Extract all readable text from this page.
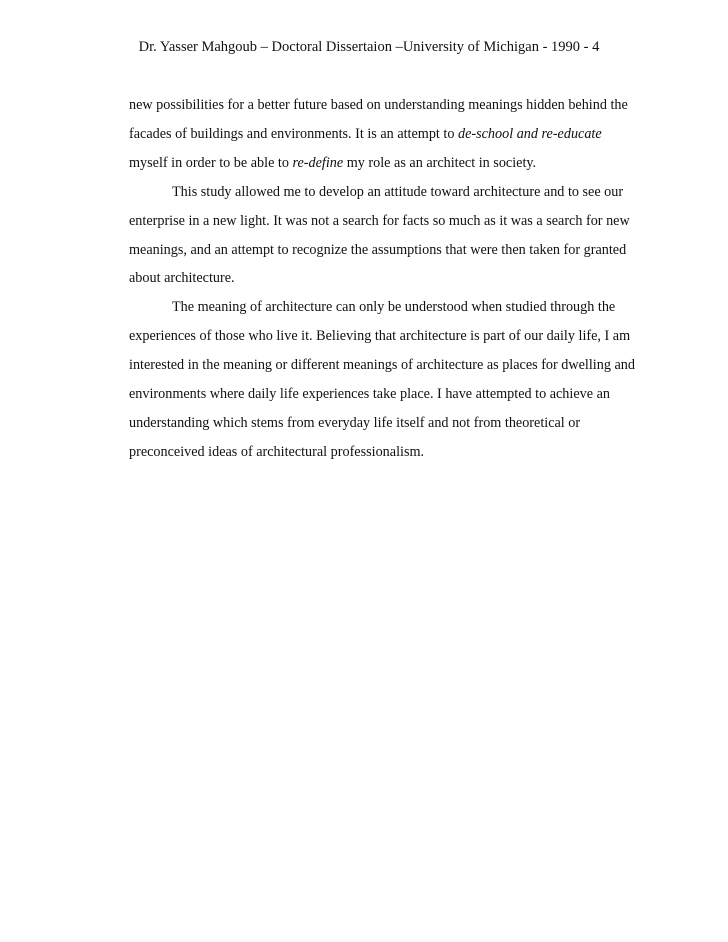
Dr. Yasser Mahgoub – Doctoral Dissertaion –University of Michigan - 1990 - 4
new possibilities for a better future based on understanding meanings hidden behind the
facades of buildings and environments. It is an attempt to de-school and re-educate
myself in order to be able to re-define my role as an architect in society.
This study allowed me to develop an attitude toward architecture and to see our
enterprise in a new light. It was not a search for facts so much as it was a search for new
meanings, and an attempt to recognize the assumptions that were then taken for granted
about architecture.
The meaning of architecture can only be understood when studied through the
experiences of those who live it. Believing that architecture is part of our daily life, I am
interested in the meaning or different meanings of architecture as places for dwelling and
environments where daily life experiences take place. I have attempted to achieve an
understanding which stems from everyday life itself and not from theoretical or
preconceived ideas of architectural professionalism.
